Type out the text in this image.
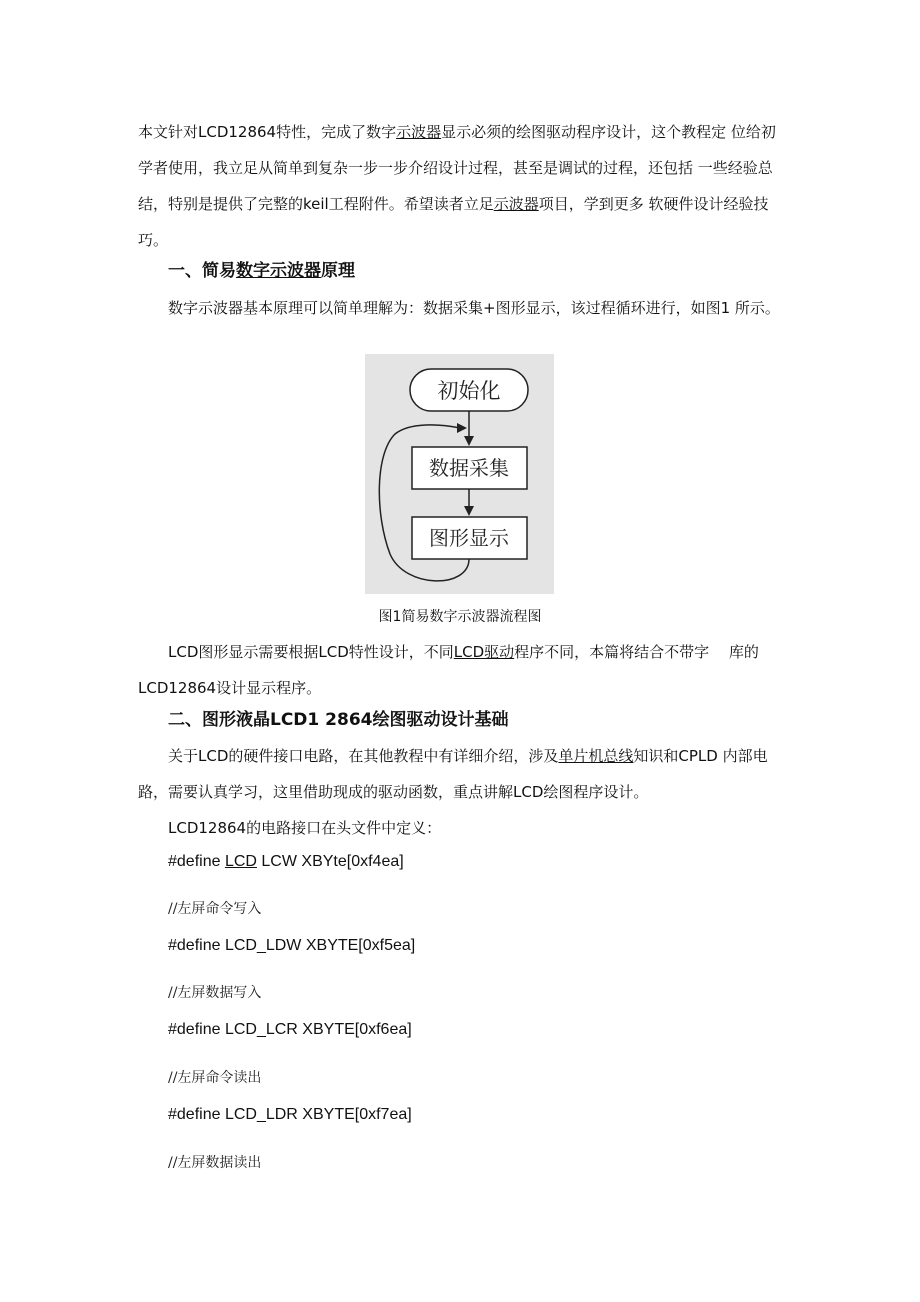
本文针对LCD12864特性，完成了数字示波器显示必须的绘图驱动程序设计，这个教程定 位给初学者使用，我立足从简单到复杂一步一步介绍设计过程，甚至是调试的过程，还包括 一些经验总结，特别是提供了完整的keil工程附件。希望读者立足示波器项目，学到更多 软硬件设计经验技巧。

一、简易数字示波器原理

数字示波器基本原理可以简单理解为：数据采集+图形显示，该过程循环进行，如图1 所示。

初始化
数据采集
图形显示

图1简易数字示波器流程图

LCD图形显示需要根据LCD特性设计，不同LCD驱动程序不同，本篇将结合不带字　 库的LCD12864设计显示程序。

二、图形液晶LCD1 2864绘图驱动设计基础

关于LCD的硬件接口电路，在其他教程中有详细介绍，涉及单片机总线知识和CPLD 内部电路，需要认真学习，这里借助现成的驱动函数，重点讲解LCD绘图程序设计。

LCD12864的电路接口在头文件中定义：

#define LCD LCW XBYte[0xf4ea]

//左屏命令写入

#define LCD_LDW XBYTE[0xf5ea]

//左屏数据写入

#define LCD_LCR XBYTE[0xf6ea]

//左屏命令读出

#define LCD_LDR XBYTE[0xf7ea]

//左屏数据读出
